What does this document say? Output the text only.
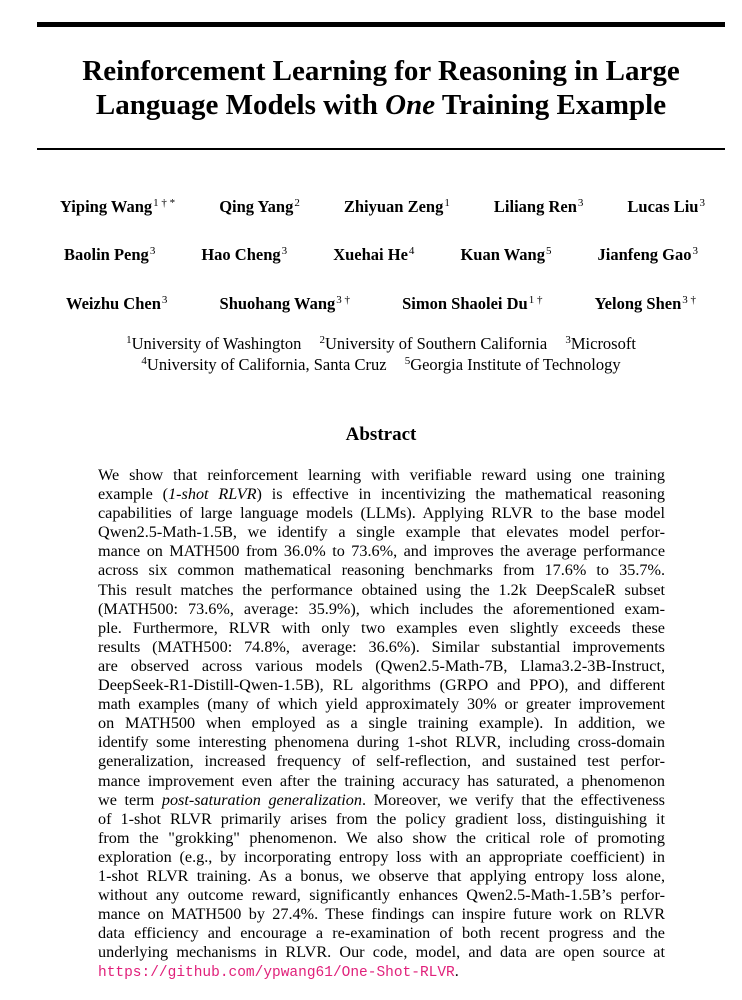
Reinforcement Learning for Reasoning in Large
Language Models with One Training Example
Yiping Wang$^{1 \dagger *}$	Qing Yang$^2$	Zhiyuan Zeng$^1$	Liliang Ren$^3$	Lucas Liu$^3$
Baolin Peng$^3$	Hao Cheng$^3$	Xuehai He$^4$	Kuan Wang$^5$	Jianfeng Gao$^3$
Weizhu Chen$^3$	Shuohang Wang$^{3 \dagger}$	Simon Shaolei $Du^{1 \dagger}$	Yelong Shen$^{3 \dagger}$
$^1$University of Washington $^2$University of Southern California $^3$Microsoft
$^4$University of California, Santa Cruz $^5$Georgia Institute of Technology
Abstract
We show that reinforcement learning with verifiable reward using one training
example (1-shot RLVR) is effective in incentivizing the mathematical reasoning
capabilities of large language models (LLMs). Applying RLVR to the base model
Qwen2.5-Math-1.5B, we identify a single example that elevates model perfor-
mance on MATH500 from 36.0% to 73.6%, and improves the average performance
across six common mathematical reasoning benchmarks from 17.6% to 35.7%.
This result matches the performance obtained using the 1.2k DeepScaleR subset
(MATH500: 73.6%, average: 35.9%), which includes the aforementioned exam-
ple. Furthermore, RLVR with only two examples even slightly exceeds these
results (MATH500: 74.8%, average: 36.6%). Similar substantial improvements
are observed across various models (Qwen2.5-Math-7B, Llama3.2-3B-Instruct,
DeepSeek-R1-Distill-Qwen-1.5B), RL algorithms (GRPO and PPO), and different
math examples (many of which yield approximately 30% or greater improvement
on MATH500 when employed as a single training example). In addition, we
identify some interesting phenomena during 1-shot RLVR, including cross-domain
generalization, increased frequency of self-reflection, and sustained test perfor-
mance improvement even after the training accuracy has saturated, a phenomenon
we term post-saturation generalization. Moreover, we verify that the effectiveness
of 1-shot RLVR primarily arises from the policy gradient loss, distinguishing it
from the "grokking" phenomenon. We also show the critical role of promoting
exploration (e.g., by incorporating entropy loss with an appropriate coefficient) in
1-shot RLVR training. As a bonus, we observe that applying entropy loss alone,
without any outcome reward, significantly enhances Qwen2.5-Math-1.5B’s perfor-
mance on MATH500 by 27.4%. These findings can inspire future work on RLVR
data efficiency and encourage a re-examination of both recent progress and the
underlying mechanisms in RLVR. Our code, model, and data are open source at
https://github.com/ypwang61/One-Shot-RLVR.
